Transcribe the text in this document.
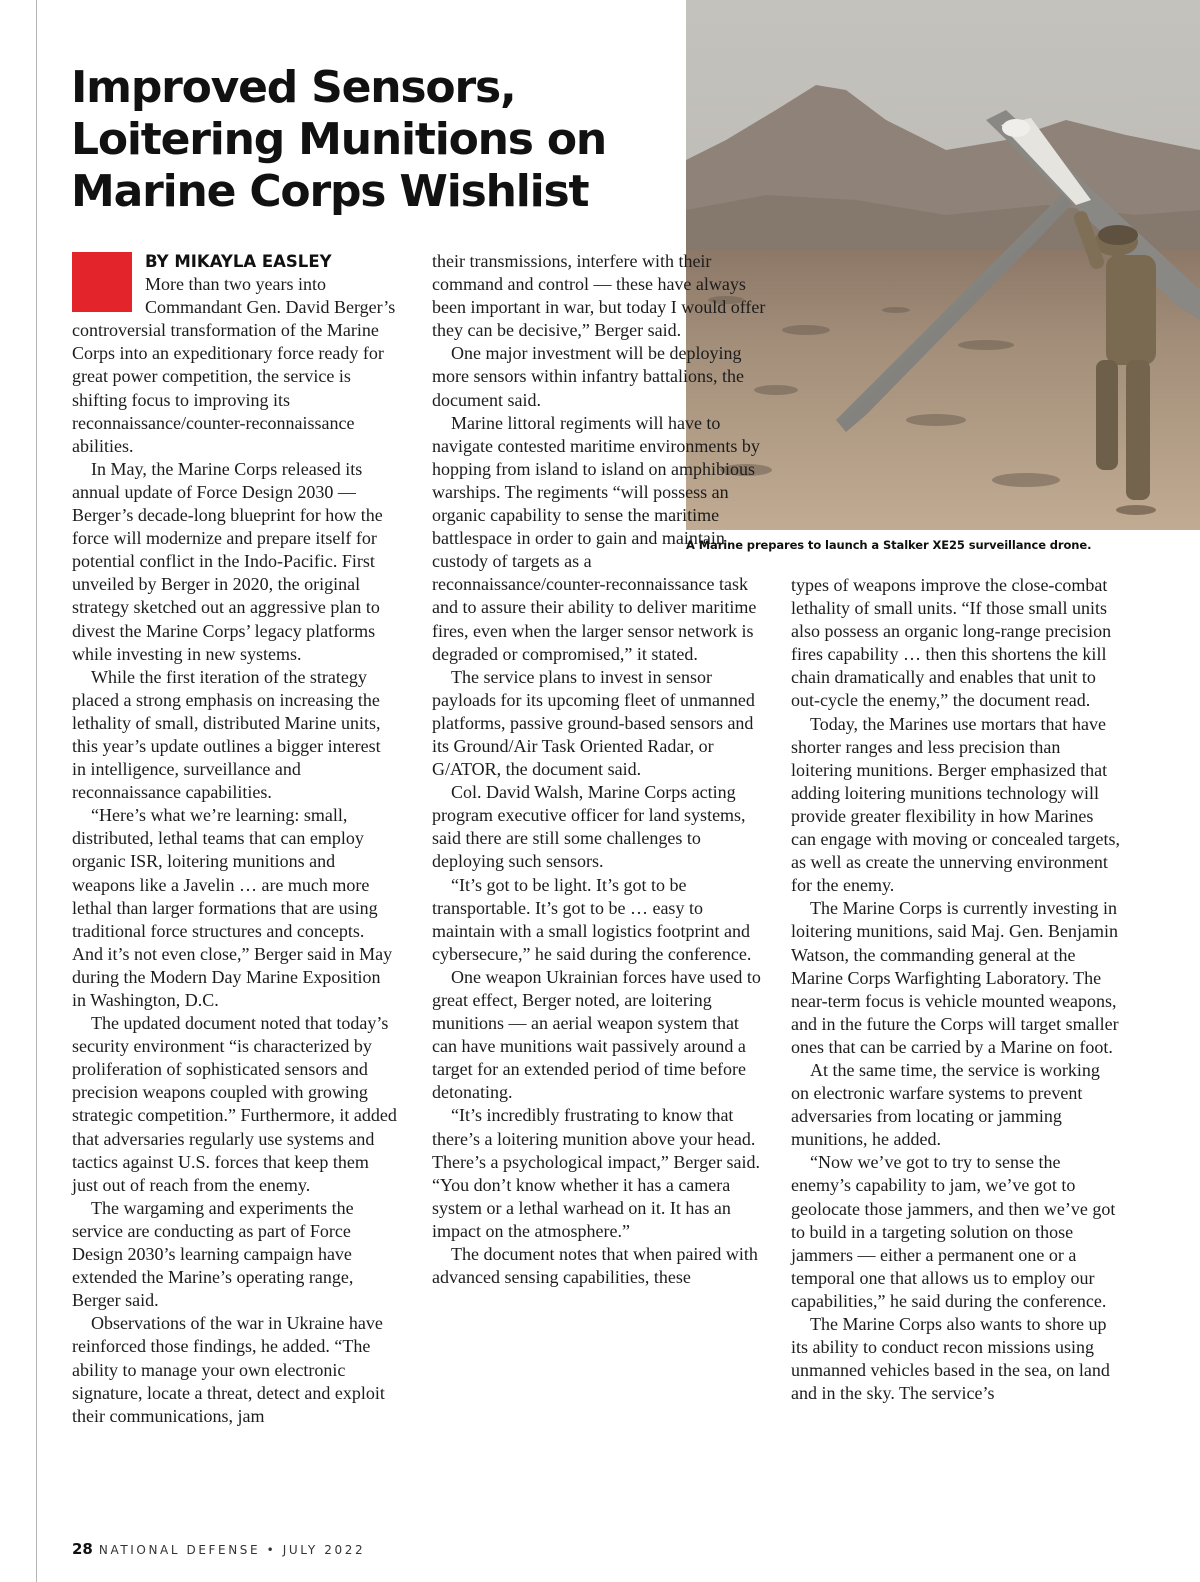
Improved Sensors, Loitering Munitions on Marine Corps Wishlist
A Marine prepares to launch a Stalker XE25 surveillance drone.
BY MIKAYLA EASLEY

More than two years into Commandant Gen. David Berger’s controversial transformation of the Marine Corps into an expeditionary force ready for great power competition, the service is shifting focus to improving its reconnaissance/counter-reconnaissance abilities.

In May, the Marine Corps released its annual update of Force Design 2030 — Berger’s decade-long blueprint for how the force will modernize and prepare itself for potential conflict in the Indo-Pacific. First unveiled by Berger in 2020, the original strategy sketched out an aggressive plan to divest the Marine Corps’ legacy platforms while investing in new systems.

While the first iteration of the strategy placed a strong emphasis on increasing the lethality of small, distributed Marine units, this year’s update outlines a bigger interest in intelligence, surveillance and reconnaissance capabilities.

“Here’s what we’re learning: small, distributed, lethal teams that can employ organic ISR, loitering munitions and weapons like a Javelin … are much more lethal than larger formations that are using traditional force structures and concepts. And it’s not even close,” Berger said in May during the Modern Day Marine Exposition in Washington, D.C.

The updated document noted that today’s security environment “is characterized by proliferation of sophisticated sensors and precision weapons coupled with growing strategic competition.” Furthermore, it added that adversaries regularly use systems and tactics against U.S. forces that keep them just out of reach from the enemy.

The wargaming and experiments the service are conducting as part of Force Design 2030’s learning campaign have extended the Marine’s operating range, Berger said.

Observations of the war in Ukraine have reinforced those findings, he added. “The ability to manage your own electronic signature, locate a threat, detect and exploit their communications, jam

their transmissions, interfere with their command and control — these have always been important in war, but today I would offer they can be decisive,” Berger said.

One major investment will be deploying more sensors within infantry battalions, the document said.

Marine littoral regiments will have to navigate contested maritime environments by hopping from island to island on amphibious warships. The regiments “will possess an organic capability to sense the maritime battlespace in order to gain and maintain custody of targets as a reconnaissance/counter-reconnaissance task and to assure their ability to deliver maritime fires, even when the larger sensor network is degraded or compromised,” it stated.

The service plans to invest in sensor payloads for its upcoming fleet of unmanned platforms, passive ground-based sensors and its Ground/Air Task Oriented Radar, or G/ATOR, the document said.

Col. David Walsh, Marine Corps acting program executive officer for land systems, said there are still some challenges to deploying such sensors.

“It’s got to be light. It’s got to be transportable. It’s got to be … easy to maintain with a small logistics footprint and cybersecure,” he said during the conference.

One weapon Ukrainian forces have used to great effect, Berger noted, are loitering munitions — an aerial weapon system that can have munitions wait passively around a target for an extended period of time before detonating.

“It’s incredibly frustrating to know that there’s a loitering munition above your head. There’s a psychological impact,” Berger said. “You don’t know whether it has a camera system or a lethal warhead on it. It has an impact on the atmosphere.”

The document notes that when paired with advanced sensing capabilities, these

types of weapons improve the close-combat lethality of small units. “If those small units also possess an organic long-range precision fires capability … then this shortens the kill chain dramatically and enables that unit to out-cycle the enemy,” the document read.

Today, the Marines use mortars that have shorter ranges and less precision than loitering munitions. Berger emphasized that adding loitering munitions technology will provide greater flexibility in how Marines can engage with moving or concealed targets, as well as create the unnerving environment for the enemy.

The Marine Corps is currently investing in loitering munitions, said Maj. Gen. Benjamin Watson, the commanding general at the Marine Corps Warfighting Laboratory. The near-term focus is vehicle mounted weapons, and in the future the Corps will target smaller ones that can be carried by a Marine on foot.

At the same time, the service is working on electronic warfare systems to prevent adversaries from locating or jamming munitions, he added.

“Now we’ve got to try to sense the enemy’s capability to jam, we’ve got to geolocate those jammers, and then we’ve got to build in a targeting solution on those jammers — either a permanent one or a temporal one that allows us to employ our capabilities,” he said during the conference.

The Marine Corps also wants to shore up its ability to conduct recon missions using unmanned vehicles based in the sea, on land and in the sky. The service’s

28 NATIONAL DEFENSE • JULY 2022
